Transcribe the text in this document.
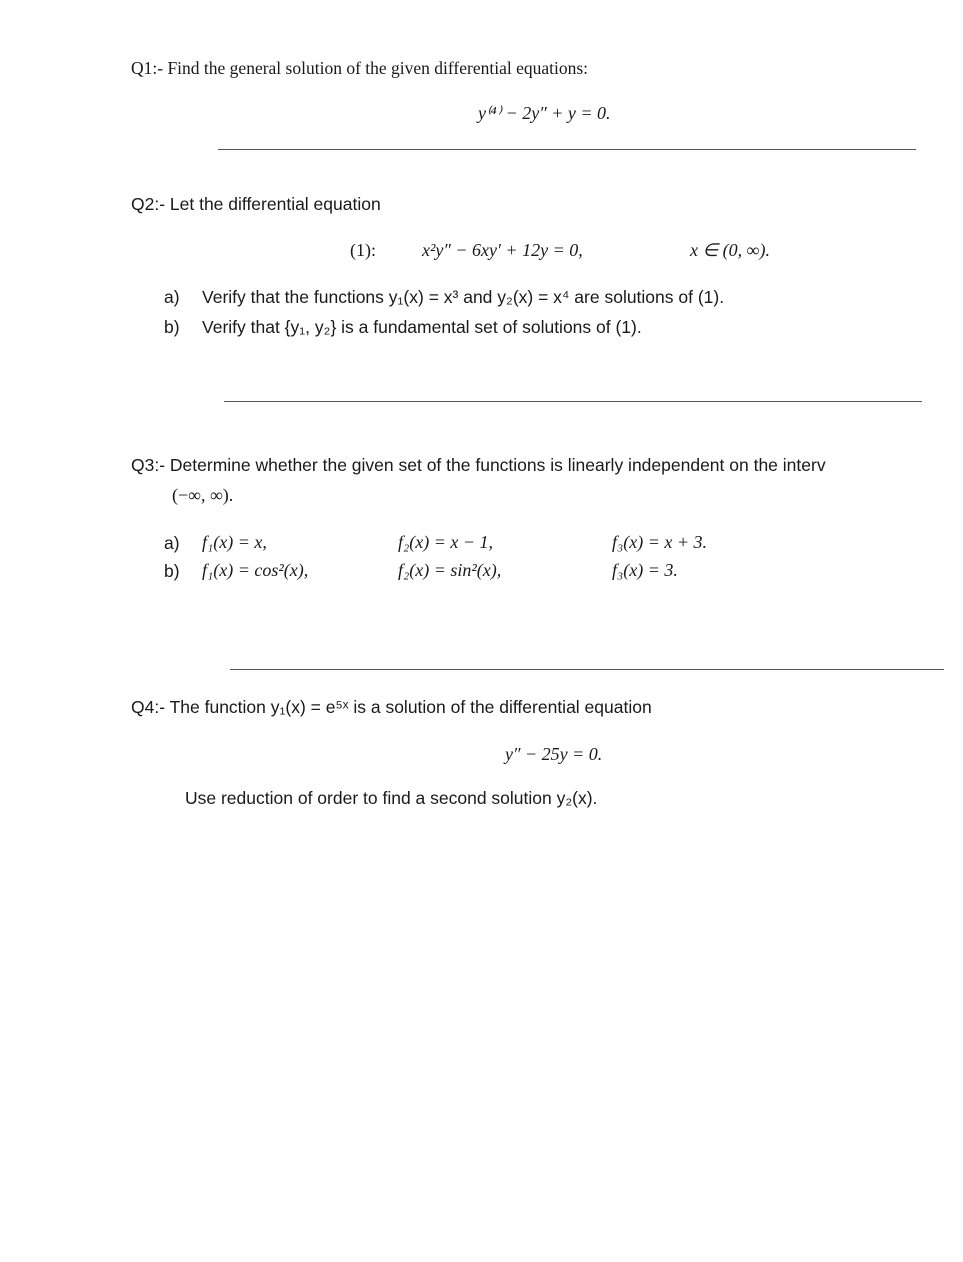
Q1:- Find the general solution of the given differential equations:
y⁽⁴⁾ − 2y″ + y = 0.
Q2:- Let the differential equation
(1):	x²y″ − 6xy′ + 12y = 0,	x ∈ (0, ∞).
a) Verify that the functions y₁(x) = x³ and y₂(x) = x⁴ are solutions of (1).
b) Verify that {y₁, y₂} is a fundamental set of solutions of (1).
Q3:- Determine whether the given set of the functions is linearly independent on the interv
(−∞, ∞).
a) f₁(x) = x,	f₂(x) = x − 1,	f₃(x) = x + 3.
b) f₁(x) = cos²(x),	f₂(x) = sin²(x),	f₃(x) = 3.
Q4:- The function y₁(x) = e⁵ˣ is a solution of the differential equation
y″ − 25y = 0.
Use reduction of order to find a second solution y₂(x).
